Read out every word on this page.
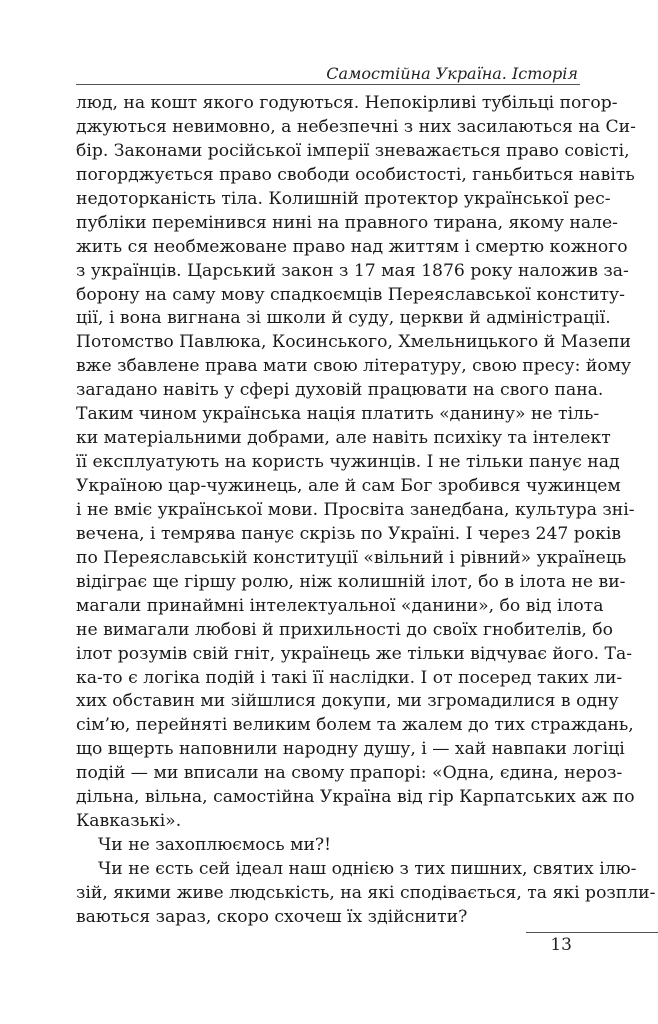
Самостійна Україна. Історія
люд, на кошт якого годуються. Непокірливі тубільці погор-
джуються невимовно, а небезпечні з них засилаються на Си-
бір. Законами російської імперії зневажається право совісті,
погорджується право свободи особистості, ганьбиться навіть
недоторканість тіла. Колишній протектор української рес-
публіки перемінився нині на правного тирана, якому нале-
жить ся необмежоване право над життям і смертю кожного
з українців. Царський закон з 17 мая 1876 року наложив за-
борону на саму мову спадкоємців Переяславської конститу-
ції, і вона вигнана зі школи й суду, церкви й адміністрації.
Потомство Павлюка, Косинського, Хмельницького й Мазепи
вже збавлене права мати свою літературу, свою пресу: йому
загадано навіть у сфері духовій працювати на свого пана.
Таким чином українська нація платить «данину» не тіль-
ки матеріальними добрами, але навіть психіку та інтелект
її експлуатують на користь чужинців. І не тільки панує над
Україною цар-чужинець, але й сам Бог зробився чужинцем
і не вміє української мови. Просвіта занедбана, культура зні-
вечена, і темрява панує скрізь по Україні. І через 247 років
по Переяславській конституції «вільний і рівний» українець
відіграє ще гіршу ролю, ніж колишній ілот, бо в ілота не ви-
магали принаймні інтелектуальної «данини», бо від ілота
не вимагали любові й прихильності до своїх гнобителів, бо
ілот розумів свій гніт, українець же тільки відчуває його. Та-
ка-то є логіка подій і такі її наслідки. І от посеред таких ли-
хих обставин ми зійшлися докупи, ми згромадилися в одну
сім’ю, перейняті великим болем та жалем до тих страждань,
що вщерть наповнили народну душу, і — хай навпаки логіці
подій — ми вписали на свому прапорі: «Одна, єдина, нероз-
дільна, вільна, самостійна Україна від гір Карпатських аж по
Кавказькі».
Чи не захоплюємось ми?!
Чи не єсть сей ідеал наш однією з тих пишних, святих ілю-
зій, якими живе людськість, на які сподівається, та які розпли-
ваються зараз, скоро схочеш їх здійснити?
13
